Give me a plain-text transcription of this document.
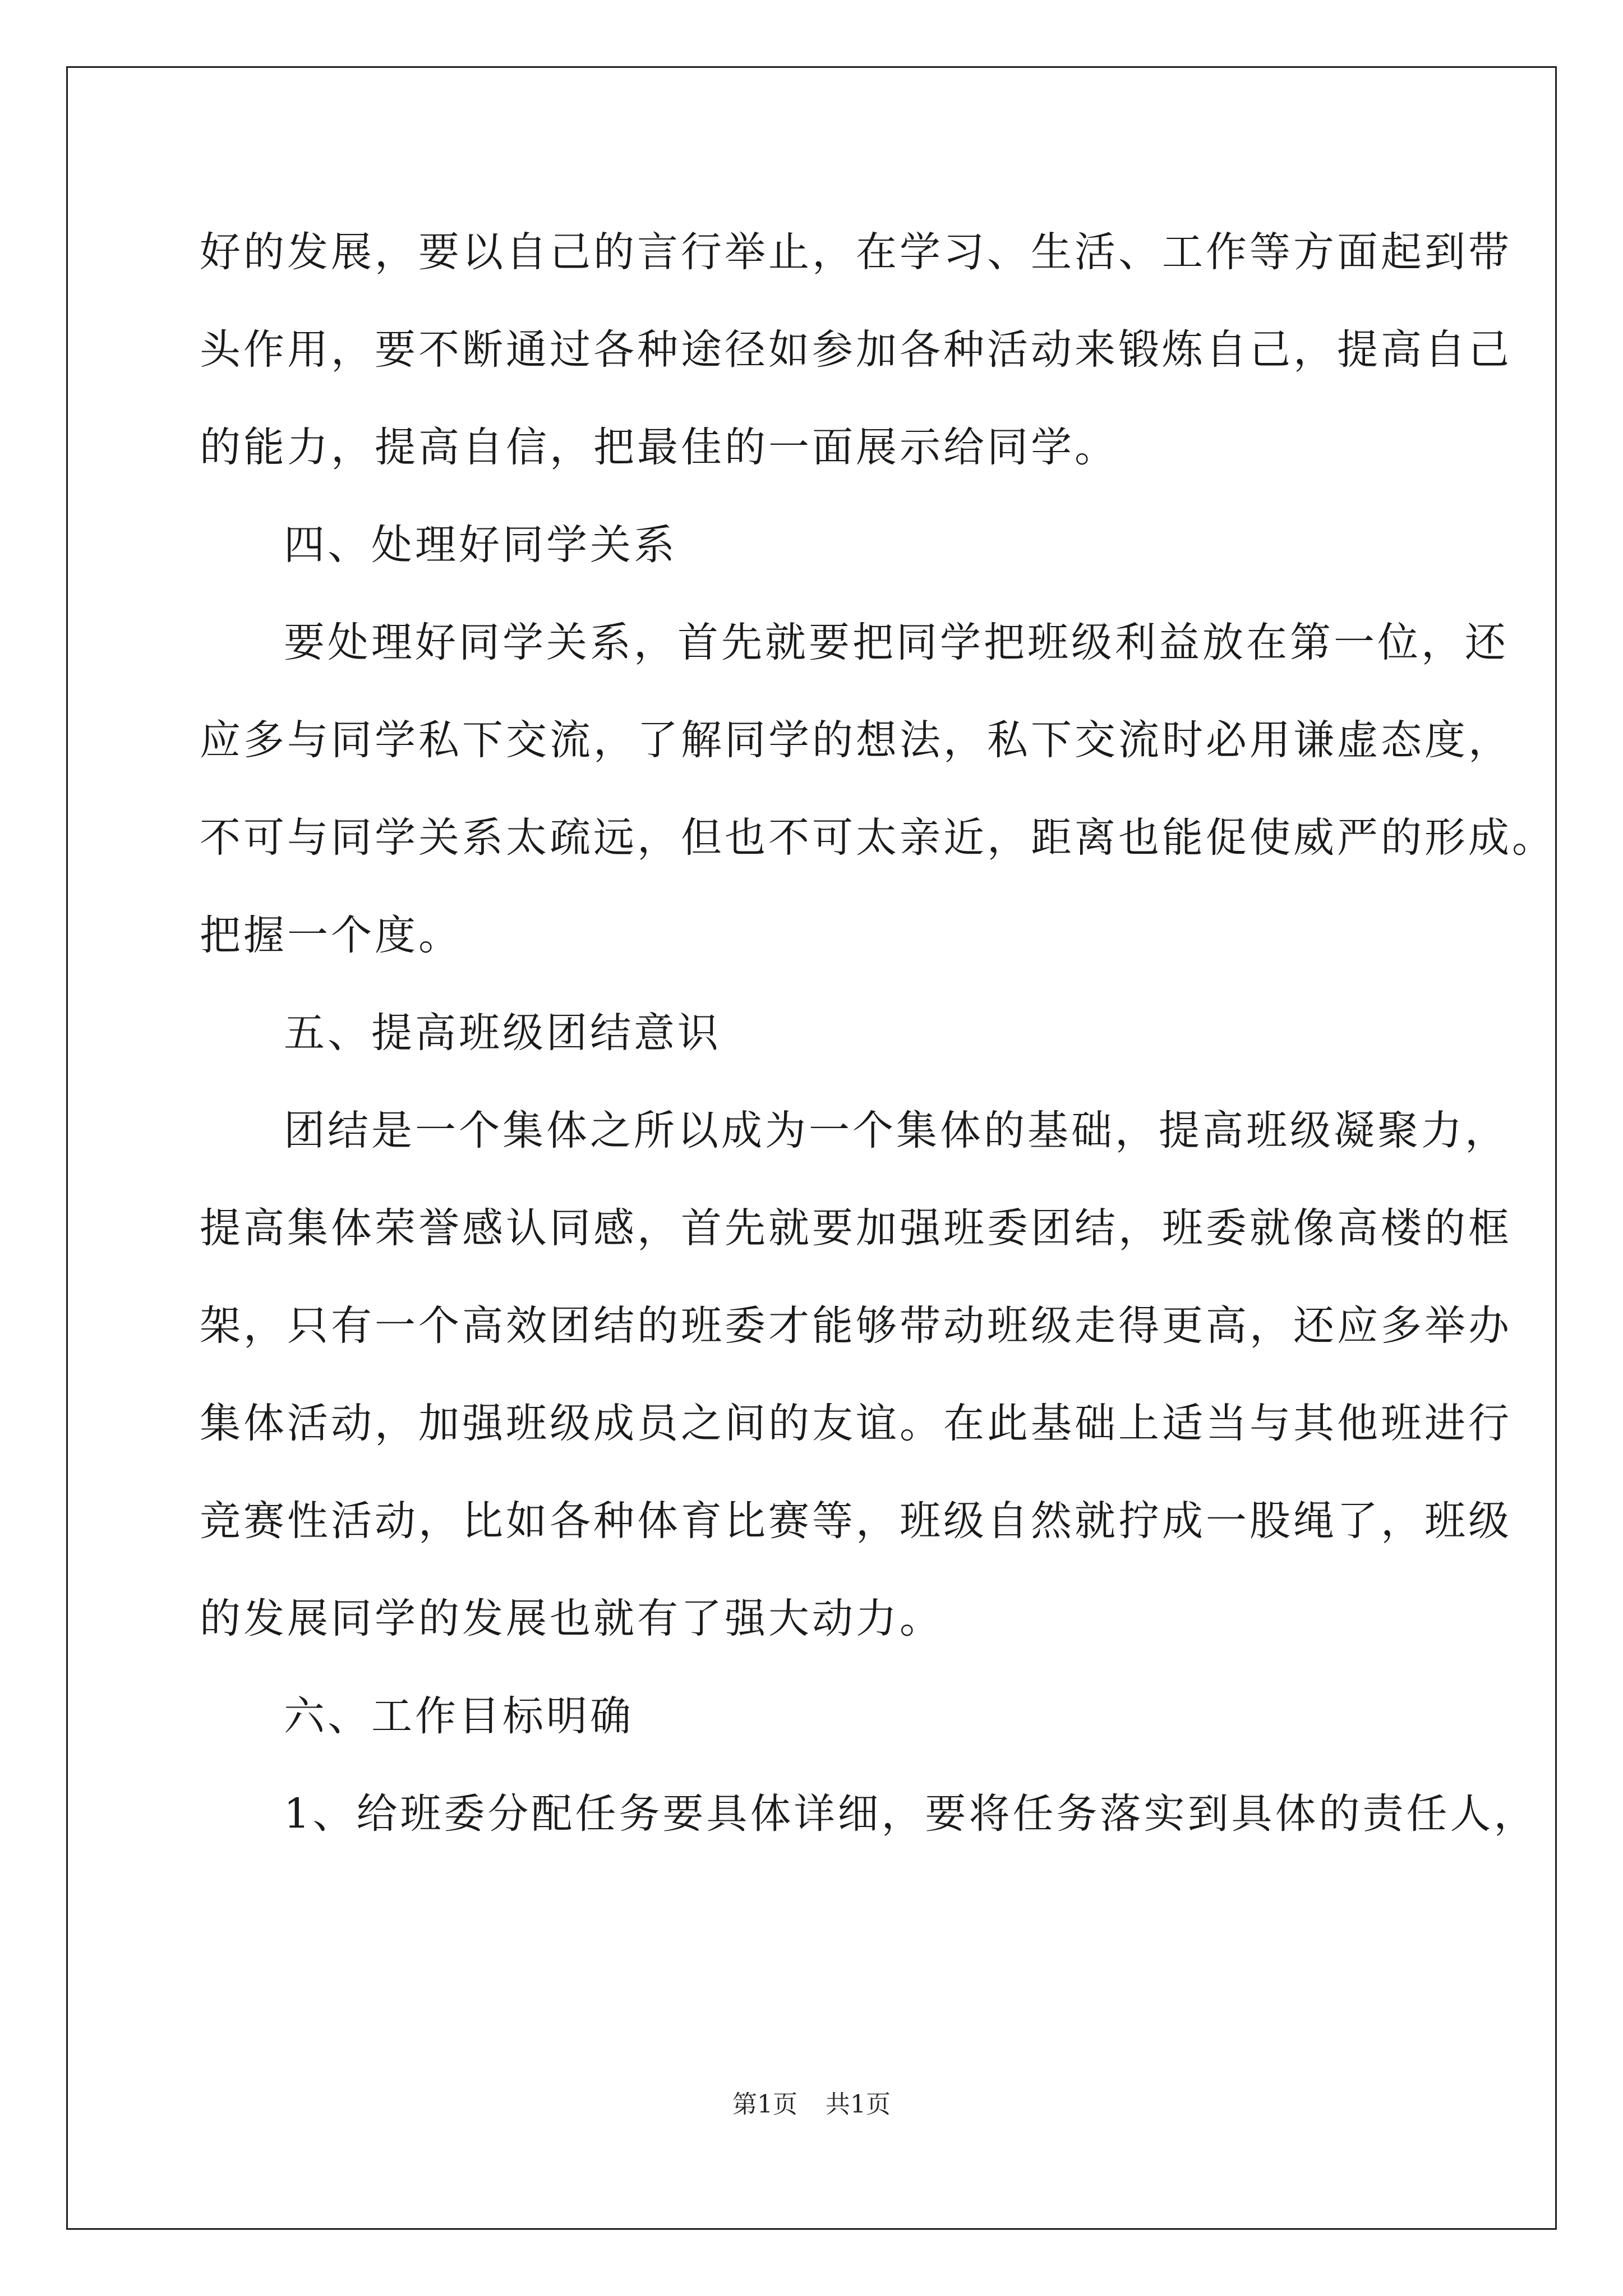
好的发展，要以自己的言行举止，在学习、生活、工作等方面起到带
头作用，要不断通过各种途径如参加各种活动来锻炼自己，提高自己
的能力，提高自信，把最佳的一面展示给同学。
四、处理好同学关系
要处理好同学关系，首先就要把同学把班级利益放在第一位，还
应多与同学私下交流，了解同学的想法，私下交流时必用谦虚态度，
不可与同学关系太疏远，但也不可太亲近，距离也能促使威严的形成。
把握一个度。
五、提高班级团结意识
团结是一个集体之所以成为一个集体的基础，提高班级凝聚力，
提高集体荣誉感认同感，首先就要加强班委团结，班委就像高楼的框
架，只有一个高效团结的班委才能够带动班级走得更高，还应多举办
集体活动，加强班级成员之间的友谊。在此基础上适当与其他班进行
竞赛性活动，比如各种体育比赛等，班级自然就拧成一股绳了，班级
的发展同学的发展也就有了强大动力。
六、工作目标明确
1、给班委分配任务要具体详细，要将任务落实到具体的责任人，
第1页 共1页
